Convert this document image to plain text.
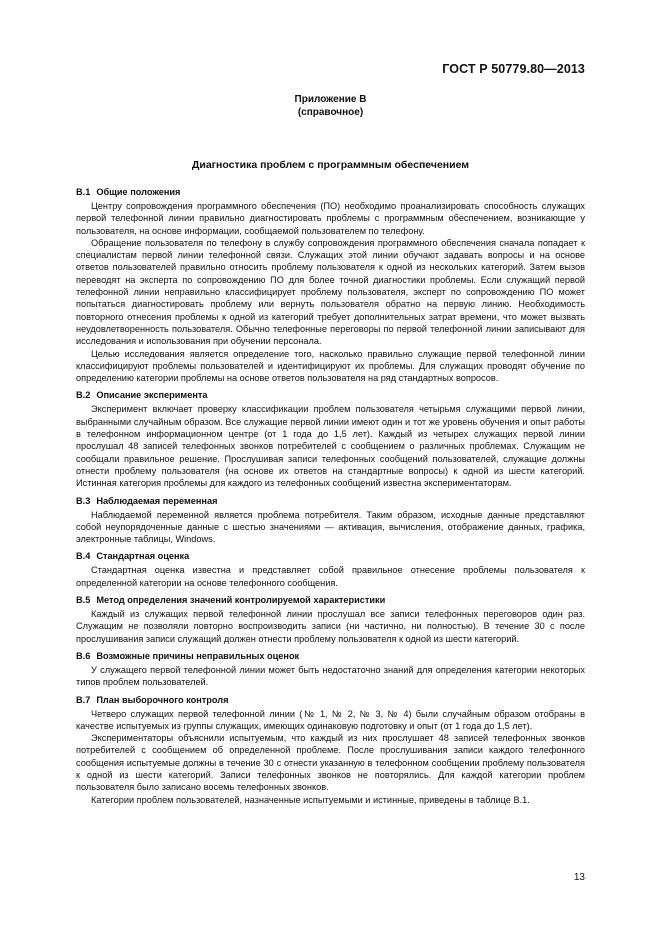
ГОСТ Р 50779.80—2013
Приложение В
(справочное)
Диагностика проблем с программным обеспечением
В.1 Общие положения

Центру сопровождения программного обеспечения (ПО) необходимо проанализировать способность служащих первой телефонной линии правильно диагностировать проблемы с программным обеспечением, возникающие у пользователя, на основе информации, сообщаемой пользователем по телефону.

Обращение пользователя по телефону в службу сопровождения программного обеспечения сначала попадает к специалистам первой линии телефонной связи. Служащих этой линии обучают задавать вопросы и на основе ответов пользователей правильно относить проблему пользователя к одной из нескольких категорий. Затем вызов переводят на эксперта по сопровождению ПО для более точной диагностики проблемы. Если служащий первой телефонной линии неправильно классифицирует проблему пользователя, эксперт по сопровождению ПО может попытаться диагностировать проблему или вернуть пользователя обратно на первую линию. Необходимость повторного отнесения проблемы к одной из категорий требует дополнительных затрат времени, что может вызвать неудовлетворенность пользователя. Обычно телефонные переговоры по первой телефонной линии записывают для исследования и использования при обучении персонала.

Целью исследования является определение того, насколько правильно служащие первой телефонной линии классифицируют проблемы пользователей и идентифицируют их проблемы. Для служащих проводят обучение по определению категории проблемы на основе ответов пользователя на ряд стандартных вопросов.

В.2 Описание эксперимента

Эксперимент включает проверку классификации проблем пользователя четырьмя служащими первой линии, выбранными случайным образом. Все служащие первой линии имеют один и тот же уровень обучения и опыт работы в телефонном информационном центре (от 1 года до 1,5 лет). Каждый из четырех служащих первой линии прослушал 48 записей телефонных звонков потребителей с сообщением о различных проблемах. Служащим не сообщали правильное решение. Прослушивая записи телефонных сообщений пользователей, служащие должны отнести проблему пользователя (на основе их ответов на стандартные вопросы) к одной из шести категорий. Истинная категория проблемы для каждого из телефонных сообщений известна экспериментаторам.

В.3 Наблюдаемая переменная

Наблюдаемой переменной является проблема потребителя. Таким образом, исходные данные представляют собой неупорядоченные данные с шестью значениями — активация, вычисления, отображение данных, графика, электронные таблицы, Windows.

В.4 Стандартная оценка

Стандартная оценка известна и представляет собой правильное отнесение проблемы пользователя к определенной категории на основе телефонного сообщения.

В.5 Метод определения значений контролируемой характеристики

Каждый из служащих первой телефонной линии прослушал все записи телефонных переговоров один раз. Служащим не позволяли повторно воспроизводить записи (ни частично, ни полностью). В течение 30 с после прослушивания записи служащий должен отнести проблему пользователя к одной из шести категорий.

В.6 Возможные причины неправильных оценок

У служащего первой телефонной линии может быть недостаточно знаний для определения категории некоторых типов проблем пользователей.

В.7 План выборочного контроля

Четверо служащих первой телефонной линии (№ 1, № 2, № 3, № 4) были случайным образом отобраны в качестве испытуемых из группы служащих, имеющих одинаковую подготовку и опыт (от 1 года до 1,5 лет).

Экспериментаторы объяснили испытуемым, что каждый из них прослушает 48 записей телефонных звонков потребителей с сообщением об определенной проблеме. После прослушивания записи каждого телефонного сообщения испытуемые должны в течение 30 с отнести указанную в телефонном сообщении проблему пользователя к одной из шести категорий. Записи телефонных звонков не повторялись. Для каждой категории проблем пользователя было записано восемь телефонных звонков.

Категории проблем пользователей, назначенные испытуемыми и истинные, приведены в таблице В.1.

13
